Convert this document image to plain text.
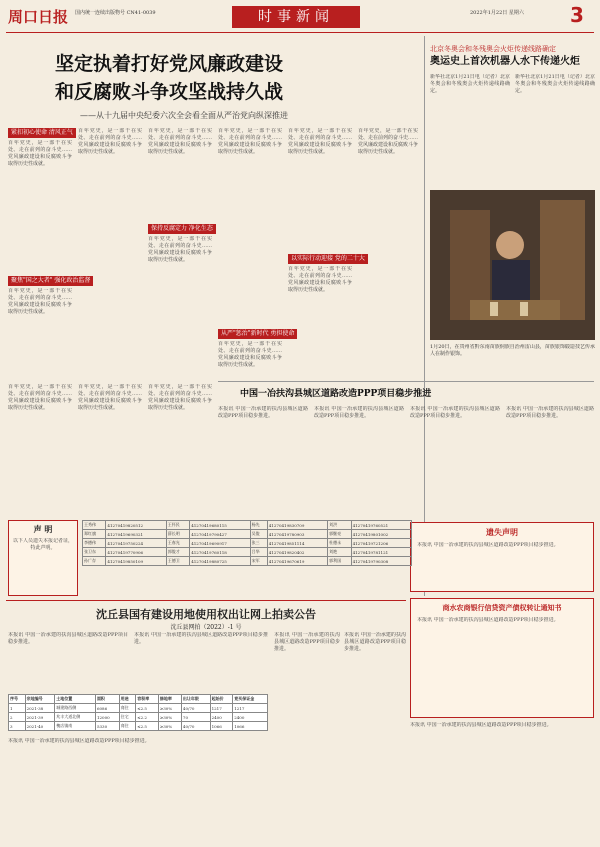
周口日报 国内统一连续出版物号 CN41-0039	时事新闻	2022年1月22日 星期六 3
坚定执着打好党风廉政建设
和反腐败斗争攻坚战持久战
——从十九届中央纪委六次全会看全面从严治党向纵深推进
紧扣初心使命 清风正气
百年党史，是一部干在实处、走在前列的奋斗史……党风廉政建设和反腐败斗争取得历史性成就。
聚焦"国之大者" 强化政治监督
百年党史，是一部干在实处、走在前列的奋斗史……党风廉政建设和反腐败斗争取得历史性成就。
百年党史，是一部干在实处、走在前列的奋斗史……党风廉政建设和反腐败斗争取得历史性成就。
百年党史，是一部干在实处、走在前列的奋斗史……党风廉政建设和反腐败斗争取得历史性成就。
保持反腐定力 净化生态
百年党史，是一部干在实处、走在前列的奋斗史……党风廉政建设和反腐败斗争取得历史性成就。
百年党史，是一部干在实处、走在前列的奋斗史……党风廉政建设和反腐败斗争取得历史性成就。
从严"惩治"新时代 勇担使命
百年党史，是一部干在实处、走在前列的奋斗史……党风廉政建设和反腐败斗争取得历史性成就。
百年党史，是一部干在实处、走在前列的奋斗史……党风廉政建设和反腐败斗争取得历史性成就。
以实际行动迎接 党的二十大
百年党史，是一部干在实处、走在前列的奋斗史……党风廉政建设和反腐败斗争取得历史性成就。
百年党史，是一部干在实处、走在前列的奋斗史……党风廉政建设和反腐败斗争取得历史性成就。
北京冬奥会和冬残奥会火炬传递线路确定
奥运史上首次机器人水下传递火炬
新华社北京1月21日电（记者）北京冬奥会和冬残奥会火炬传递线路确定。
新华社北京1月21日电（记者）北京冬奥会和冬残奥会火炬传递线路确定。
1月20日，在贵州省黔东南苗族侗族自治州雷山县，苗族银饰锻造技艺传承人在制作银饰。
中国一冶扶沟县城区道路改造PPP项目稳步推进
本报讯 中国一冶承建的扶沟县城区道路改造PPP项目稳步推进。
本报讯 中国一冶承建的扶沟县城区道路改造PPP项目稳步推进。
本报讯 中国一冶承建的扶沟县城区道路改造PPP项目稳步推进。
本报讯 中国一冶承建的扶沟县城区道路改造PPP项目稳步推进。
遗失声明
本报讯 中国一冶承建的扶沟县城区道路改造PPP项目稳步推进。
百年党史，是一部干在实处、走在前列的奋斗史……党风廉政建设和反腐败斗争取得历史性成就。
百年党史，是一部干在实处、走在前列的奋斗史……党风廉政建设和反腐败斗争取得历史性成就。
百年党史，是一部干在实处、走在前列的奋斗史……党风廉政建设和反腐败斗争取得历史性成就。
声 明
以下人员遗失本报记者证，特此声明。
王秀伟	41270419820512	王怀民	41270419680115	杨先	41270419830709	刘洪	41270419760521
郑红旗	41270419690321	薛长明	41270419790427	吴俊	41270419780903	郭继亮	41270419801002
李德伟	41270419750224	王春光	41270419690917	张三	41270419851114	杜德永	41270419721206
张卫东	41270419770906	郭俊才	41270419760118	吕华	41270419820402	刘艳	41270419781121
孙广存	41270419850109	王德卫	41270419880725	宋军	41270419670619	郭利国	41270419790308
商水农商银行信贷资产债权转让通知书
本报讯 中国一冶承建的扶沟县城区道路改造PPP项目稳步推进。
沈丘县国有建设用地使用权出让网上拍卖公告
沈丘县网拍（2022）-1 号
本报讯 中国一冶承建的扶沟县城区道路改造PPP项目稳步推进。
序号	宗地编号	土地位置	面积	用途	容积率	绿地率	出让年限	起始价	竞买保证金
1	2021-38	城建路西侧	6086	商住	≤2.5	≥30%	40/70	1217	1217
2	2021-39	兆丰大道北侧	12000	住宅	≤2.2	≥30%	70	2400	2400
3	2021-40	槐店镇南	5330	商住	≤2.5	≥30%	40/70	1066	1066
本报讯 中国一冶承建的扶沟县城区道路改造PPP项目稳步推进。
本报讯 中国一冶承建的扶沟县城区道路改造PPP项目稳步推进。
本报讯 中国一冶承建的扶沟县城区道路改造PPP项目稳步推进。
本报讯 中国一冶承建的扶沟县城区道路改造PPP项目稳步推进。
本报讯 中国一冶承建的扶沟县城区道路改造PPP项目稳步推进。
